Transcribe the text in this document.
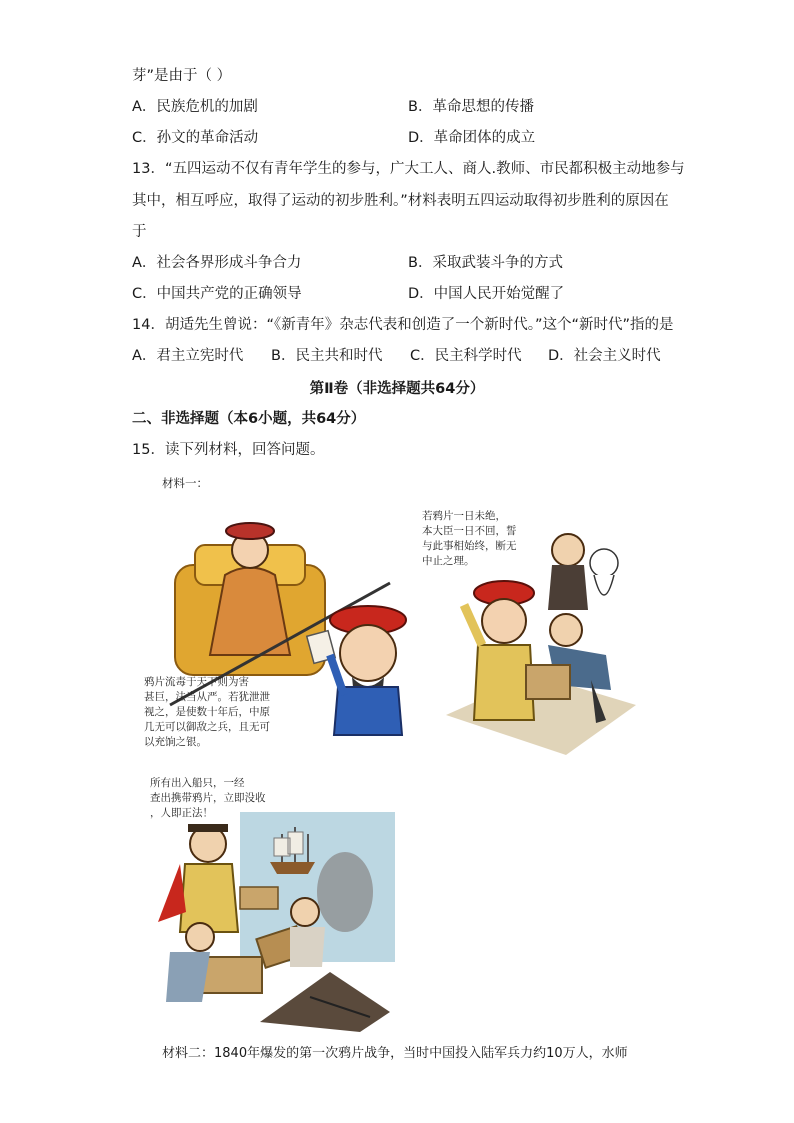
芽”是由于（ ）
A．民族危机的加剧	B．革命思想的传播
C．孙文的革命活动	D．革命团体的成立
13．“五四运动不仅有青年学生的参与，广大工人、商人.教师、市民都积极主动地参与
其中，相互呼应，取得了运动的初步胜利。”材料表明五四运动取得初步胜利的原因在
于
A．社会各界形成斗争合力	B．采取武装斗争的方式
C．中国共产党的正确领导	D．中国人民开始觉醒了
14．胡适先生曾说：“《新青年》杂志代表和创造了一个新时代。”这个“新时代”指的是
A．君主立宪时代 B．民主共和时代 C．民主科学时代 D．社会主义时代
第Ⅱ卷（非选择题共64分）
二、非选择题（本6小题，共64分）
15．读下列材料，回答问题。
材料一：
鸦片流毒于天下则为害
甚巨，法当从严。若犹泄泄
视之，是使数十年后，中原
几无可以御敌之兵，且无可
以充饷之银。
若鸦片一日未绝，
本大臣一日不回，誓
与此事相始终，断无
中止之理。
所有出入船只，一经
查出携带鸦片，立即没收
，人即正法！
材料二：1840年爆发的第一次鸦片战争，当时中国投入陆军兵力约10万人，水师
